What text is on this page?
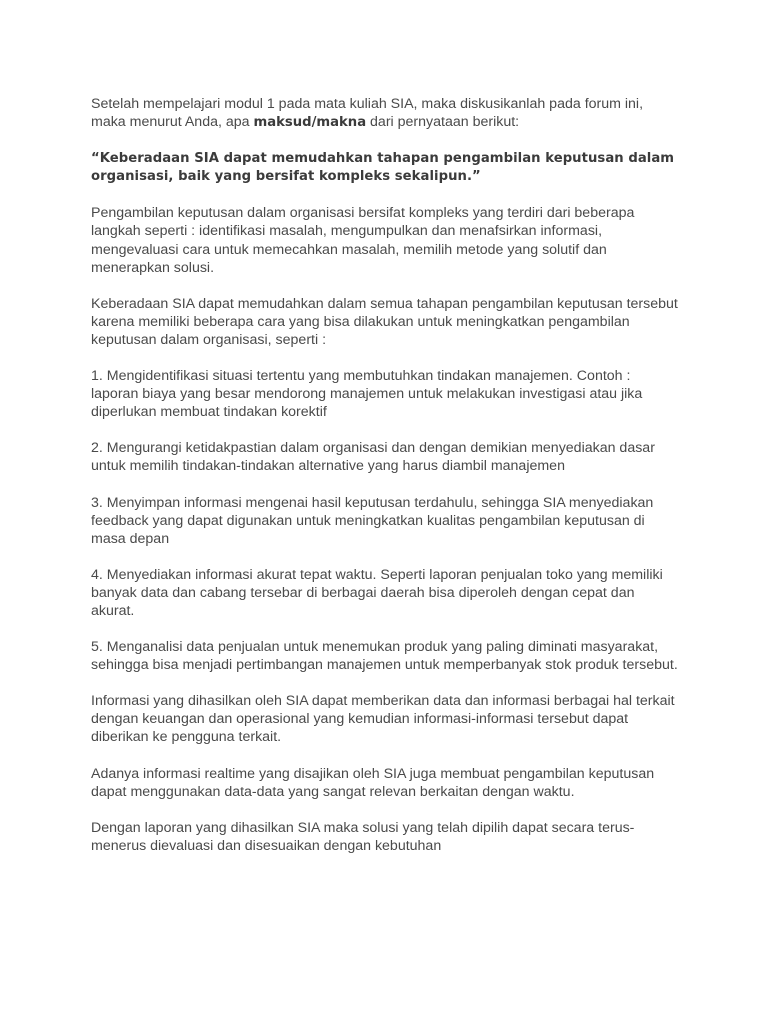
Setelah mempelajari modul 1 pada mata kuliah SIA, maka diskusikanlah pada forum ini, maka menurut Anda, apa maksud/makna dari pernyataan berikut:

“Keberadaan SIA dapat memudahkan tahapan pengambilan keputusan dalam organisasi, baik yang bersifat kompleks sekalipun.”

Pengambilan keputusan dalam organisasi bersifat kompleks yang terdiri dari beberapa langkah seperti : identifikasi masalah, mengumpulkan dan menafsirkan informasi, mengevaluasi cara untuk memecahkan masalah, memilih metode yang solutif dan menerapkan solusi.

Keberadaan SIA dapat memudahkan dalam semua tahapan pengambilan keputusan tersebut karena memiliki beberapa cara yang bisa dilakukan untuk meningkatkan pengambilan keputusan dalam organisasi, seperti :

1. Mengidentifikasi situasi tertentu yang membutuhkan tindakan manajemen. Contoh : laporan biaya yang besar mendorong manajemen untuk melakukan investigasi atau jika diperlukan membuat tindakan korektif

2. Mengurangi ketidakpastian dalam organisasi dan dengan demikian menyediakan dasar untuk memilih tindakan-tindakan alternative yang harus diambil manajemen

3. Menyimpan informasi mengenai hasil keputusan terdahulu, sehingga SIA menyediakan feedback yang dapat digunakan untuk meningkatkan kualitas pengambilan keputusan di masa depan

4. Menyediakan informasi akurat tepat waktu. Seperti laporan penjualan toko yang memiliki banyak data dan cabang tersebar di berbagai daerah bisa diperoleh dengan cepat dan akurat.

5. Menganalisi data penjualan untuk menemukan produk yang paling diminati masyarakat, sehingga bisa menjadi pertimbangan manajemen untuk memperbanyak stok produk tersebut.

Informasi yang dihasilkan oleh SIA dapat memberikan data dan informasi berbagai hal terkait dengan keuangan dan operasional yang kemudian informasi-informasi tersebut dapat diberikan ke pengguna terkait.

Adanya informasi realtime yang disajikan oleh SIA juga membuat pengambilan keputusan dapat menggunakan data-data yang sangat relevan berkaitan dengan waktu.

Dengan laporan yang dihasilkan SIA maka solusi yang telah dipilih dapat secara terus-menerus dievaluasi dan disesuaikan dengan kebutuhan
